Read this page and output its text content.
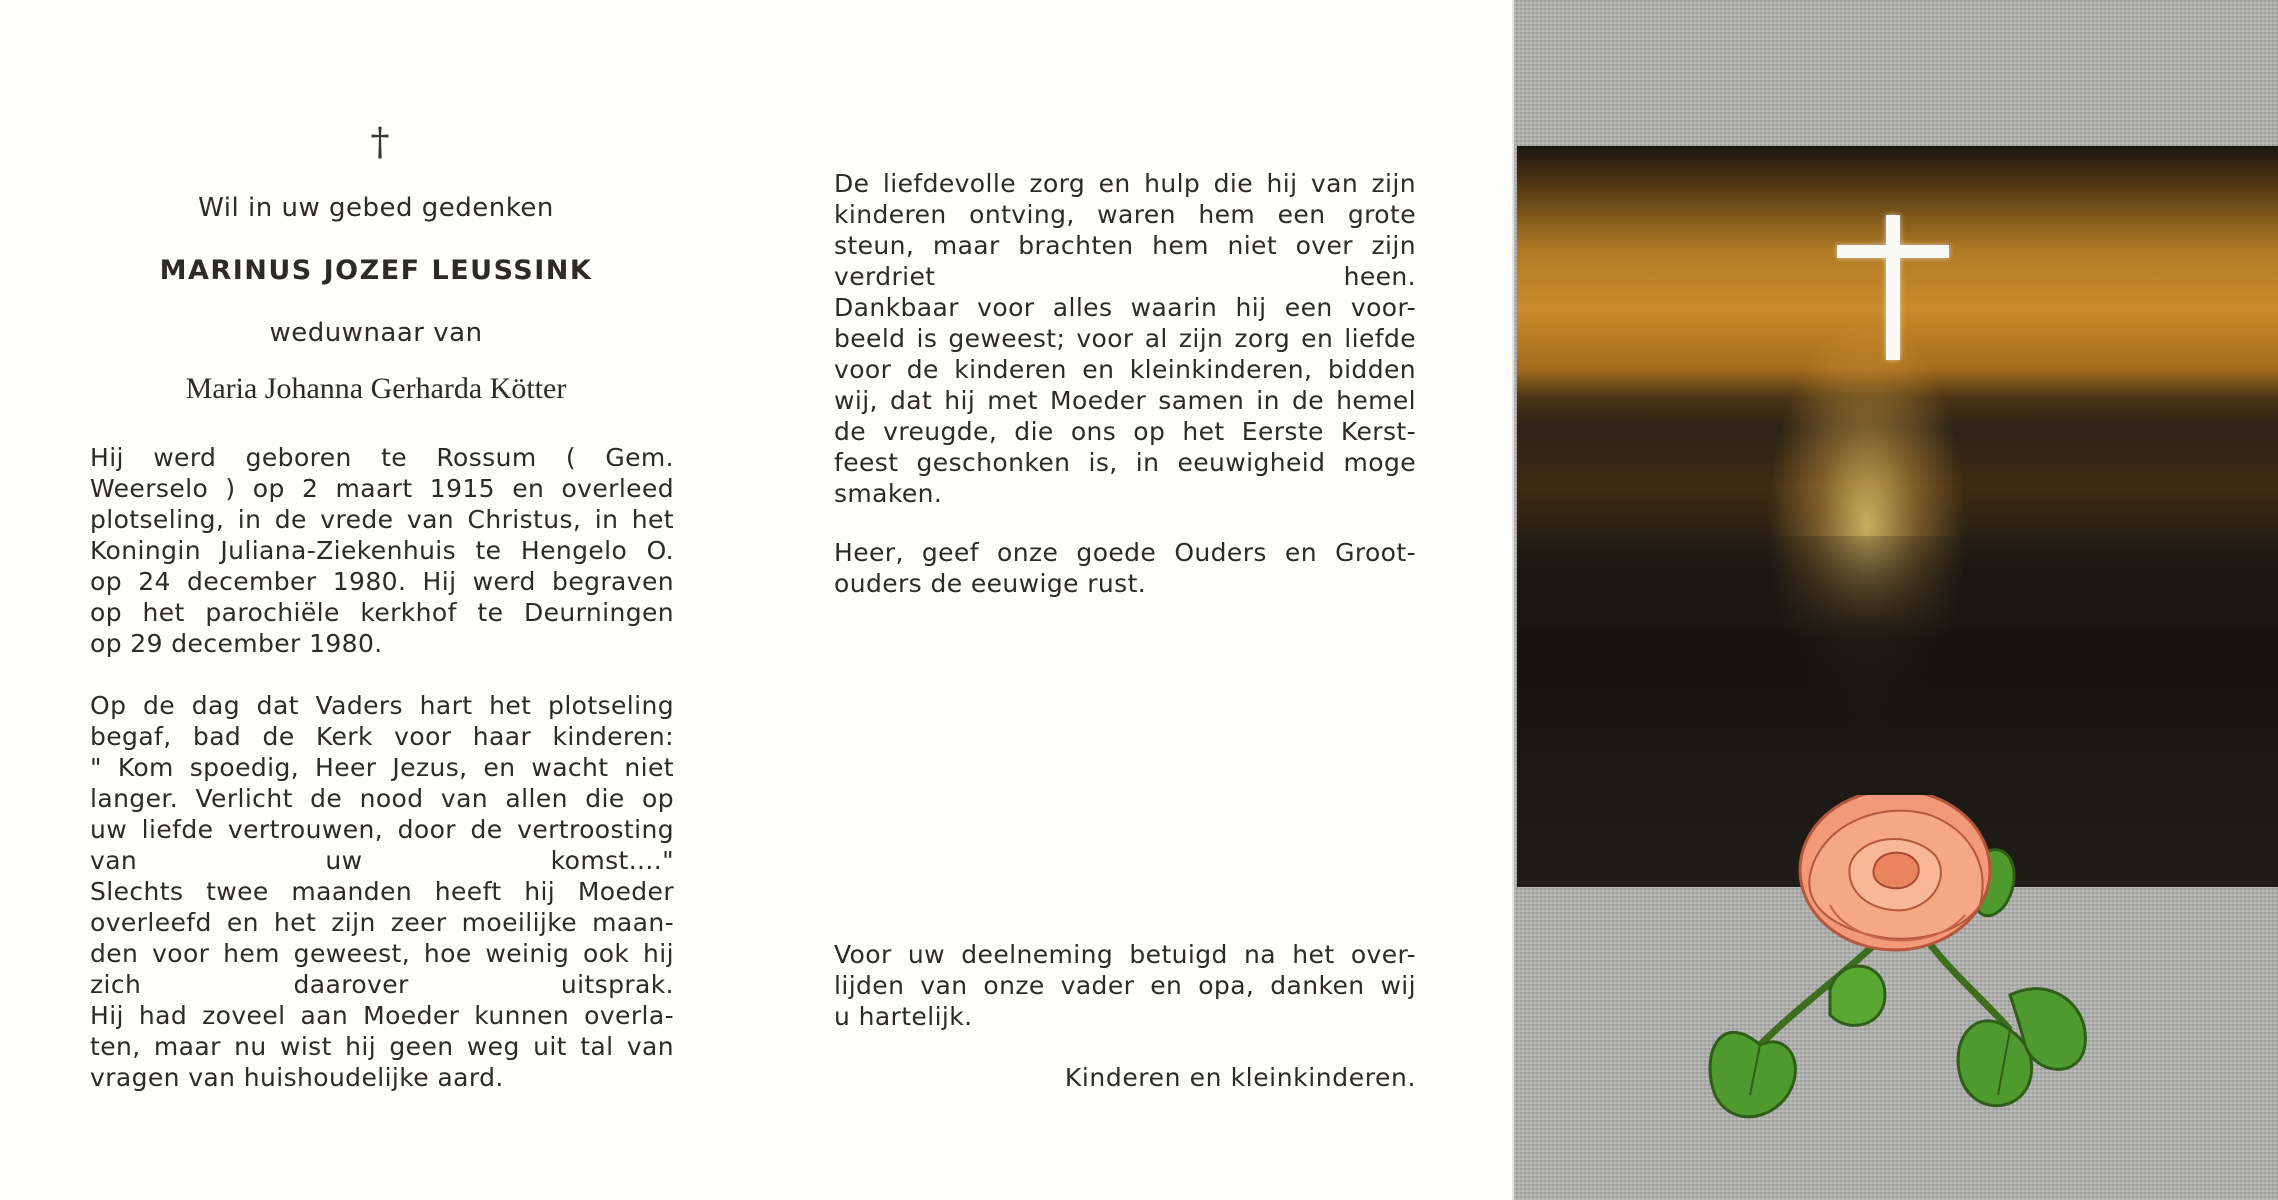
†
Wil in uw gebed gedenken
MARINUS JOZEF LEUSSINK
weduwnaar van
Maria Johanna Gerharda Kötter
Hij werd geboren te Rossum ( Gem.
Weerselo ) op 2 maart 1915 en overleed
plotseling, in de vrede van Christus, in het
Koningin Juliana-Ziekenhuis te Hengelo O.
op 24 december 1980. Hij werd begraven
op het parochiële kerkhof te Deurningen
op 29 december 1980.
Op de dag dat Vaders hart het plotseling
begaf, bad de Kerk voor haar kinderen:
" Kom spoedig, Heer Jezus, en wacht niet
langer. Verlicht de nood van allen die op
uw liefde vertrouwen, door de vertroosting
van uw komst...."
Slechts twee maanden heeft hij Moeder
overleefd en het zijn zeer moeilijke maan-
den voor hem geweest, hoe weinig ook hij
zich daarover uitsprak.
Hij had zoveel aan Moeder kunnen overla-
ten, maar nu wist hij geen weg uit tal van
vragen van huishoudelijke aard.
De liefdevolle zorg en hulp die hij van zijn
kinderen ontving, waren hem een grote
steun, maar brachten hem niet over zijn
verdriet heen.
Dankbaar voor alles waarin hij een voor-
beeld is geweest; voor al zijn zorg en liefde
voor de kinderen en kleinkinderen, bidden
wij, dat hij met Moeder samen in de hemel
de vreugde, die ons op het Eerste Kerst-
feest geschonken is, in eeuwigheid moge
smaken.
Heer, geef onze goede Ouders en Groot-
ouders de eeuwige rust.
Voor uw deelneming betuigd na het over-
lijden van onze vader en opa, danken wij
u hartelijk.
Kinderen en kleinkinderen.
